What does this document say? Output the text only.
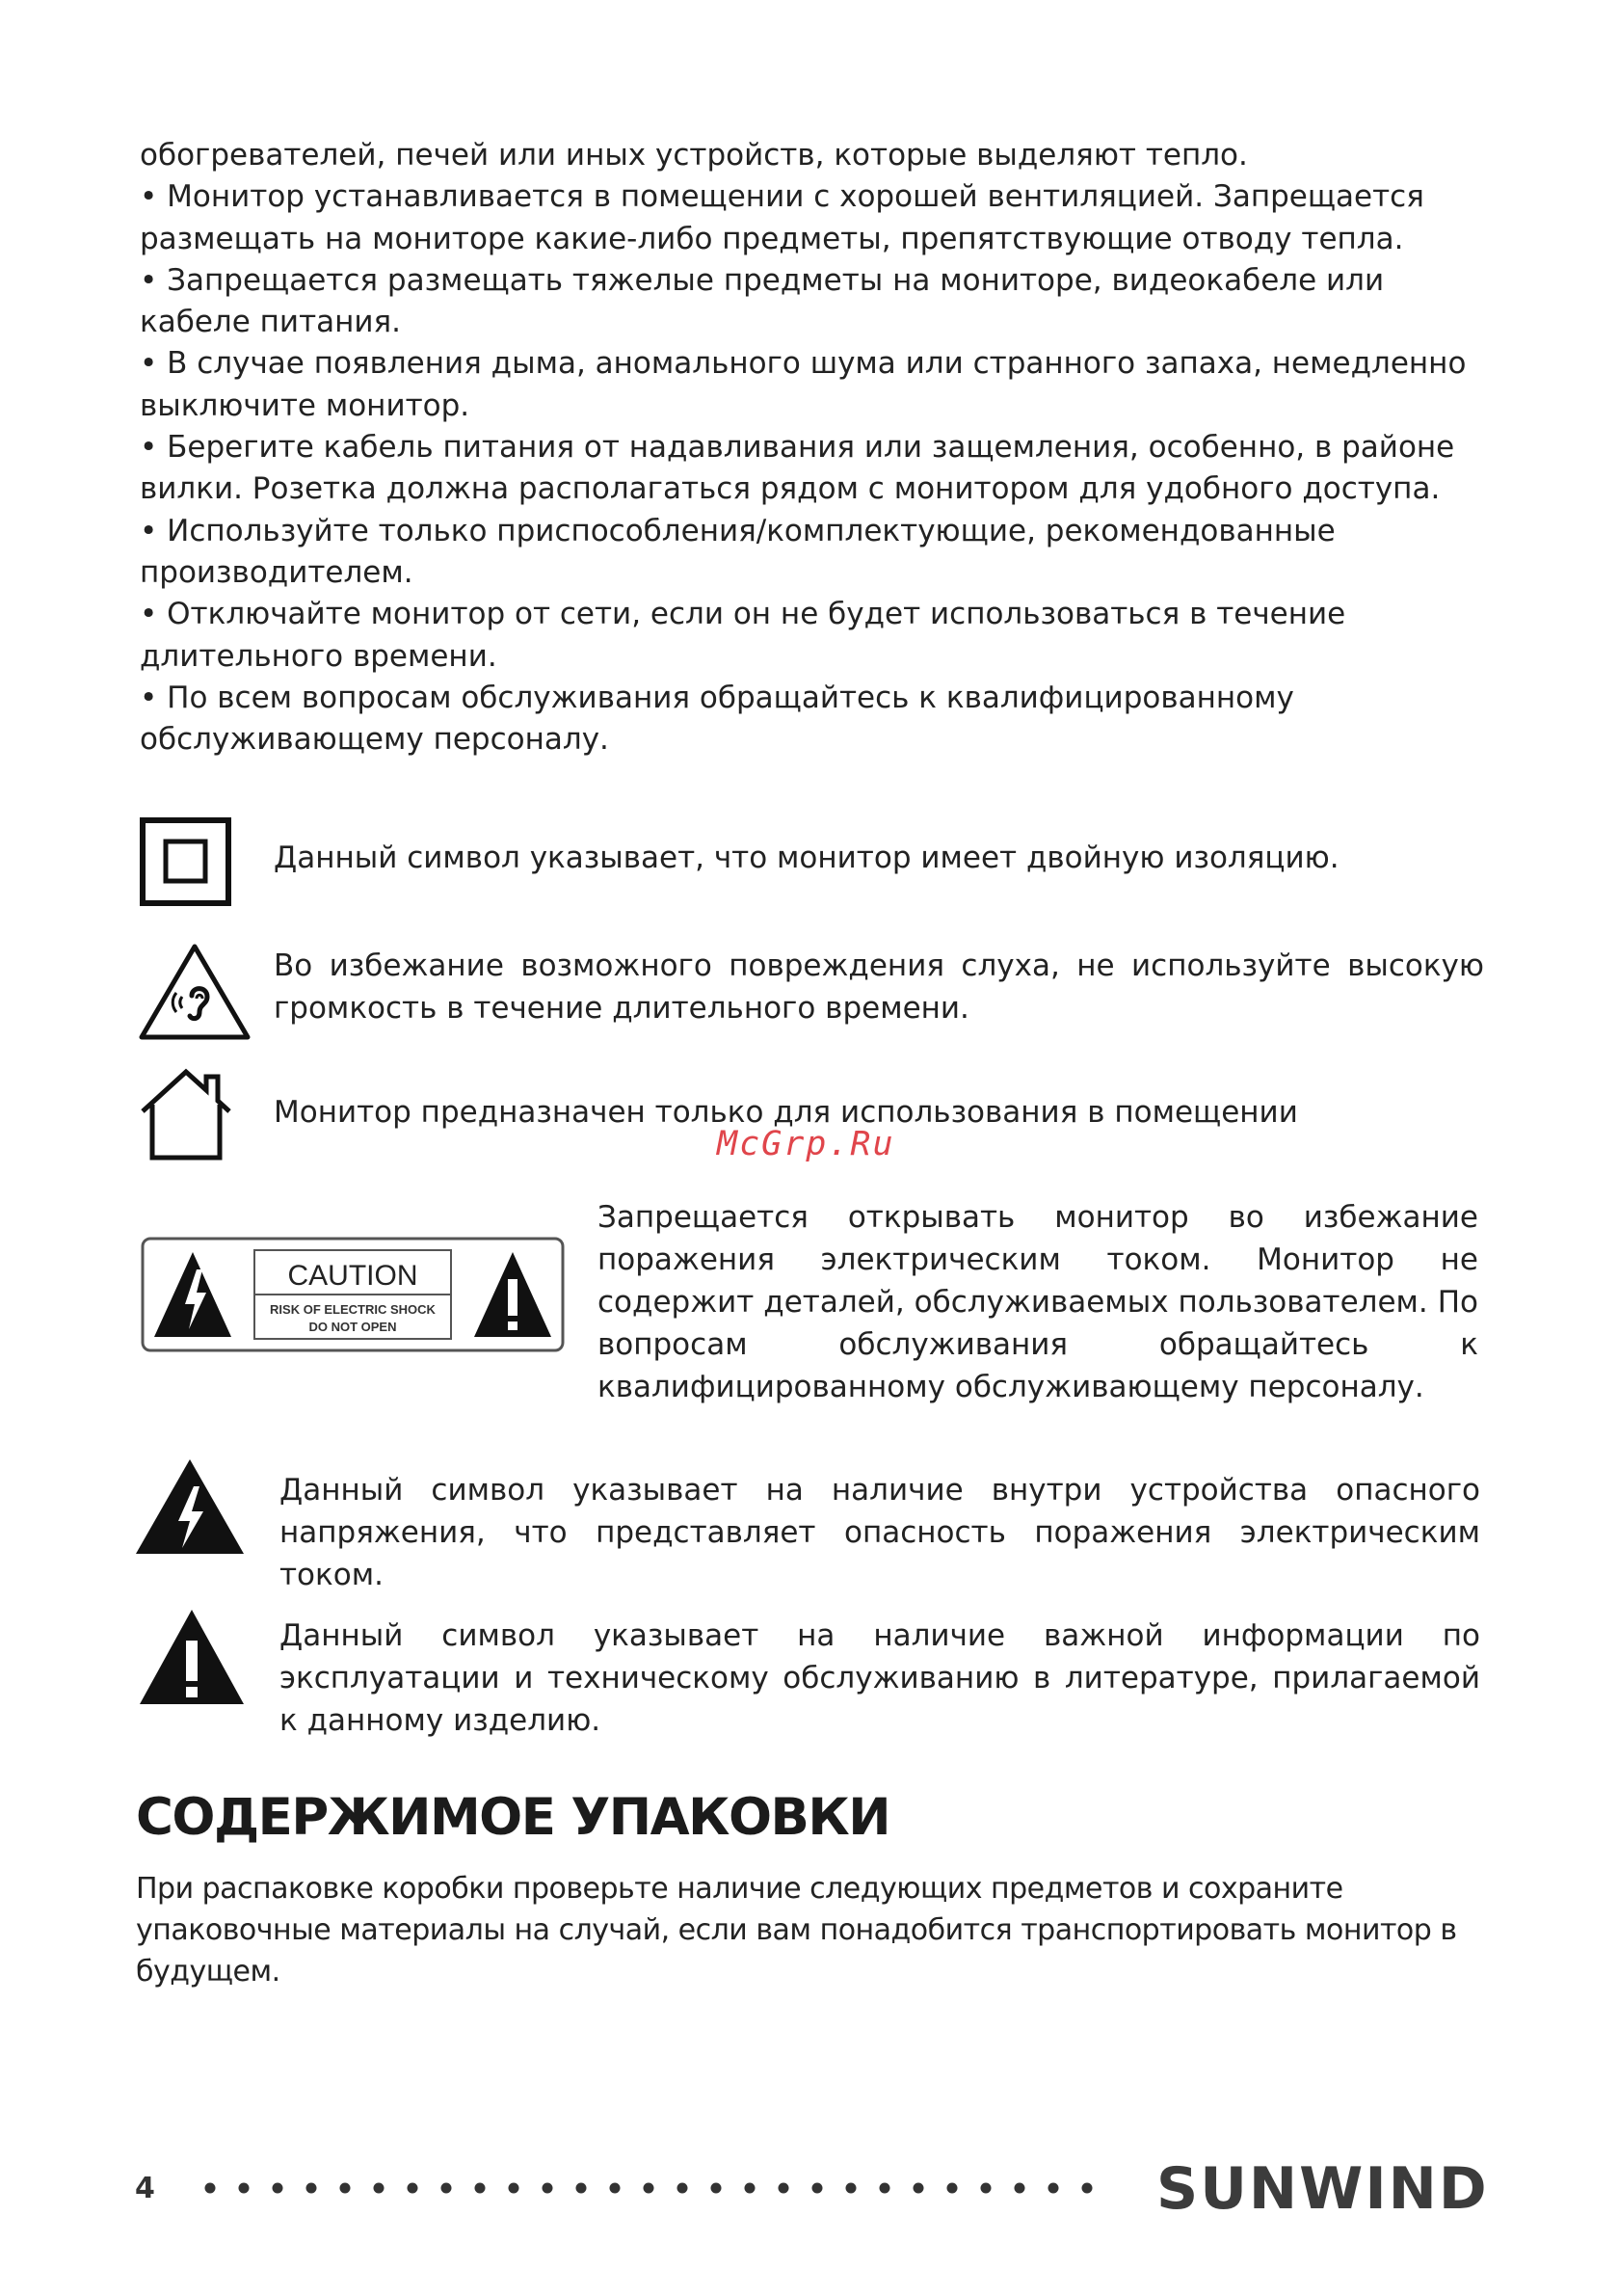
обогревателей, печей или иных устройств, которые выделяют тепло.

• Монитор устанавливается в помещении с хорошей вентиляцией. Запрещается размещать на мониторе какие-либо предметы, препятствующие отводу тепла.

• Запрещается размещать тяжелые предметы на мониторе, видеокабеле или кабеле питания.

• В случае появления дыма, аномального шума или странного запаха, немедленно выключите монитор.

• Берегите кабель питания от надавливания или защемления, особенно, в районе вилки. Розетка должна располагаться рядом с монитором для удобного доступа.

• Используйте только приспособления/комплектующие, рекомендованные производителем.

• Отключайте монитор от сети, если он не будет использоваться в течение длительного времени.

• По всем вопросам обслуживания обращайтесь к квалифицированному обслуживающему персоналу.

Данный символ указывает, что монитор имеет двойную изоляцию.
Во избежание возможного повреждения слуха, не используйте высокую громкость в течение длительного времени.
Монитор предназначен только для использования в помещении
McGrp.Ru
CAUTION
RISK OF ELECTRIC SHOCK
DO NOT OPEN
Запрещается открывать монитор во избежание поражения электрическим током. Монитор не содержит деталей, обслуживаемых пользователем. По вопросам обслуживания обращайтесь к квалифицированному обслуживающему персоналу.
Данный символ указывает на наличие внутри устройства опасного напряжения, что представляет опасность поражения электрическим током.
Данный символ указывает на наличие важной информации по эксплуатации и техническому обслуживанию в литературе, прилагаемой к данному изделию.
СОДЕРЖИМОЕ УПАКОВКИ

При распаковке коробки проверьте наличие следующих предметов и сохраните упаковочные материалы на случай, если вам понадобится транспортировать монитор в будущем.

4	SUNWIND
